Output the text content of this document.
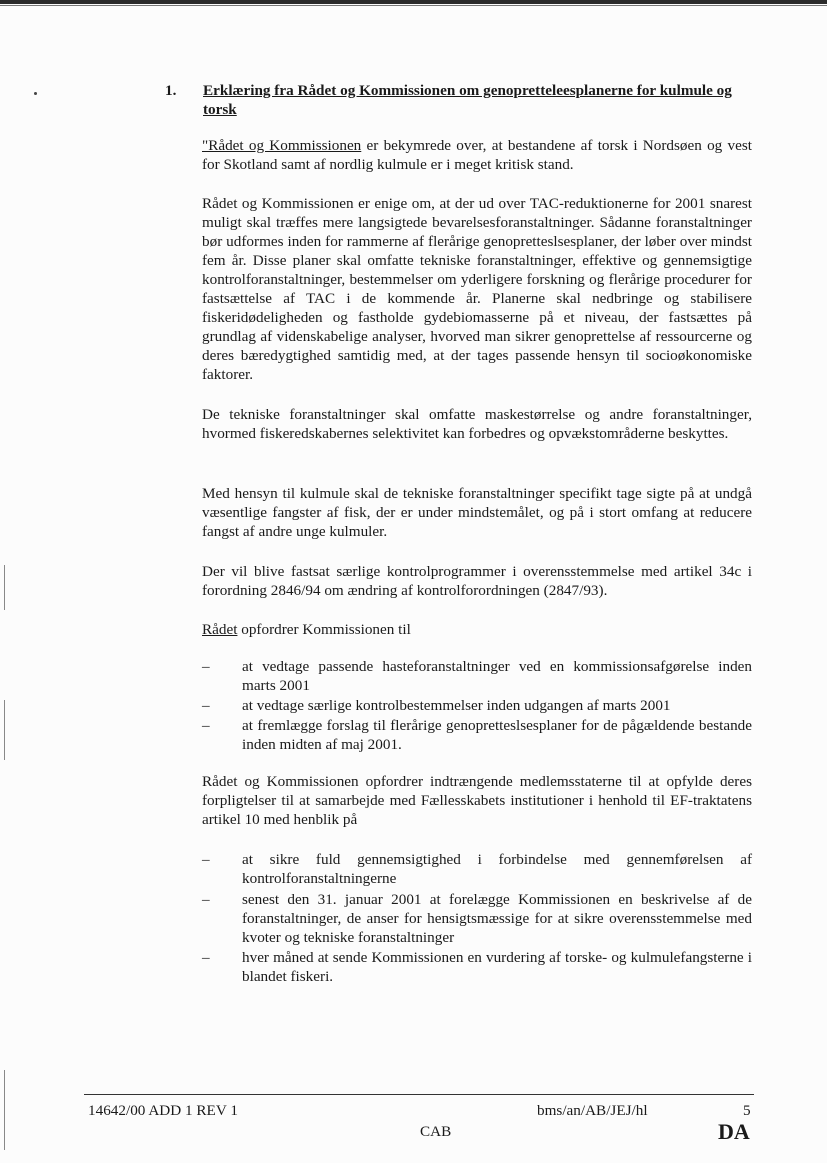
1. Erklæring fra Rådet og Kommissionen om genopretteleesplanerne for kulmule og torsk

"Rådet og Kommissionen er bekymrede over, at bestandene af torsk i Nordsøen og vest for Skotland samt af nordlig kulmule er i meget kritisk stand.

Rådet og Kommissionen er enige om, at der ud over TAC-reduktionerne for 2001 snarest muligt skal træffes mere langsigtede bevarelsesforanstaltninger. Sådanne foranstaltninger bør udformes inden for rammerne af flerårige genopretteslsesplaner, der løber over mindst fem år. Disse planer skal omfatte tekniske foranstaltninger, effektive og gennemsigtige kontrolforanstaltninger, bestemmelser om yderligere forskning og flerårige procedurer for fastsættelse af TAC i de kommende år. Planerne skal nedbringe og stabilisere fiskeridødeligheden og fastholde gydebiomasserne på et niveau, der fastsættes på grundlag af videnskabelige analyser, hvorved man sikrer genoprettelse af ressourcerne og deres bæredygtighed samtidig med, at der tages passende hensyn til socioøkonomiske faktorer.

De tekniske foranstaltninger skal omfatte maskestørrelse og andre foranstaltninger, hvormed fiskeredskabernes selektivitet kan forbedres og opvækstområderne beskyttes.

Med hensyn til kulmule skal de tekniske foranstaltninger specifikt tage sigte på at undgå væsentlige fangster af fisk, der er under mindstemålet, og på i stort omfang at reducere fangst af andre unge kulmuler.

Der vil blive fastsat særlige kontrolprogrammer i overensstemmelse med artikel 34c i forordning 2846/94 om ændring af kontrolforordningen (2847/93).

Rådet opfordrer Kommissionen til

– at vedtage passende hasteforanstaltninger ved en kommissionsafgørelse inden marts 2001
– at vedtage særlige kontrolbestemmelser inden udgangen af marts 2001
– at fremlægge forslag til flerårige genopretteslsesplaner for de pågældende bestande inden midten af maj 2001.

Rådet og Kommissionen opfordrer indtrængende medlemsstaterne til at opfylde deres forpligtelser til at samarbejde med Fællesskabets institutioner i henhold til EF-traktatens artikel 10 med henblik på

– at sikre fuld gennemsigtighed i forbindelse med gennemførelsen af kontrolforanstaltningerne
– senest den 31. januar 2001 at forelægge Kommissionen en beskrivelse af de foranstaltninger, de anser for hensigtsmæssige for at sikre overensstemmelse med kvoter og tekniske foranstaltninger
– hver måned at sende Kommissionen en vurdering af torske- og kulmulefangsterne i blandet fiskeri.
14642/00 ADD 1 REV 1
CAB
bms/an/AB/JEJ/hl	5
DA
